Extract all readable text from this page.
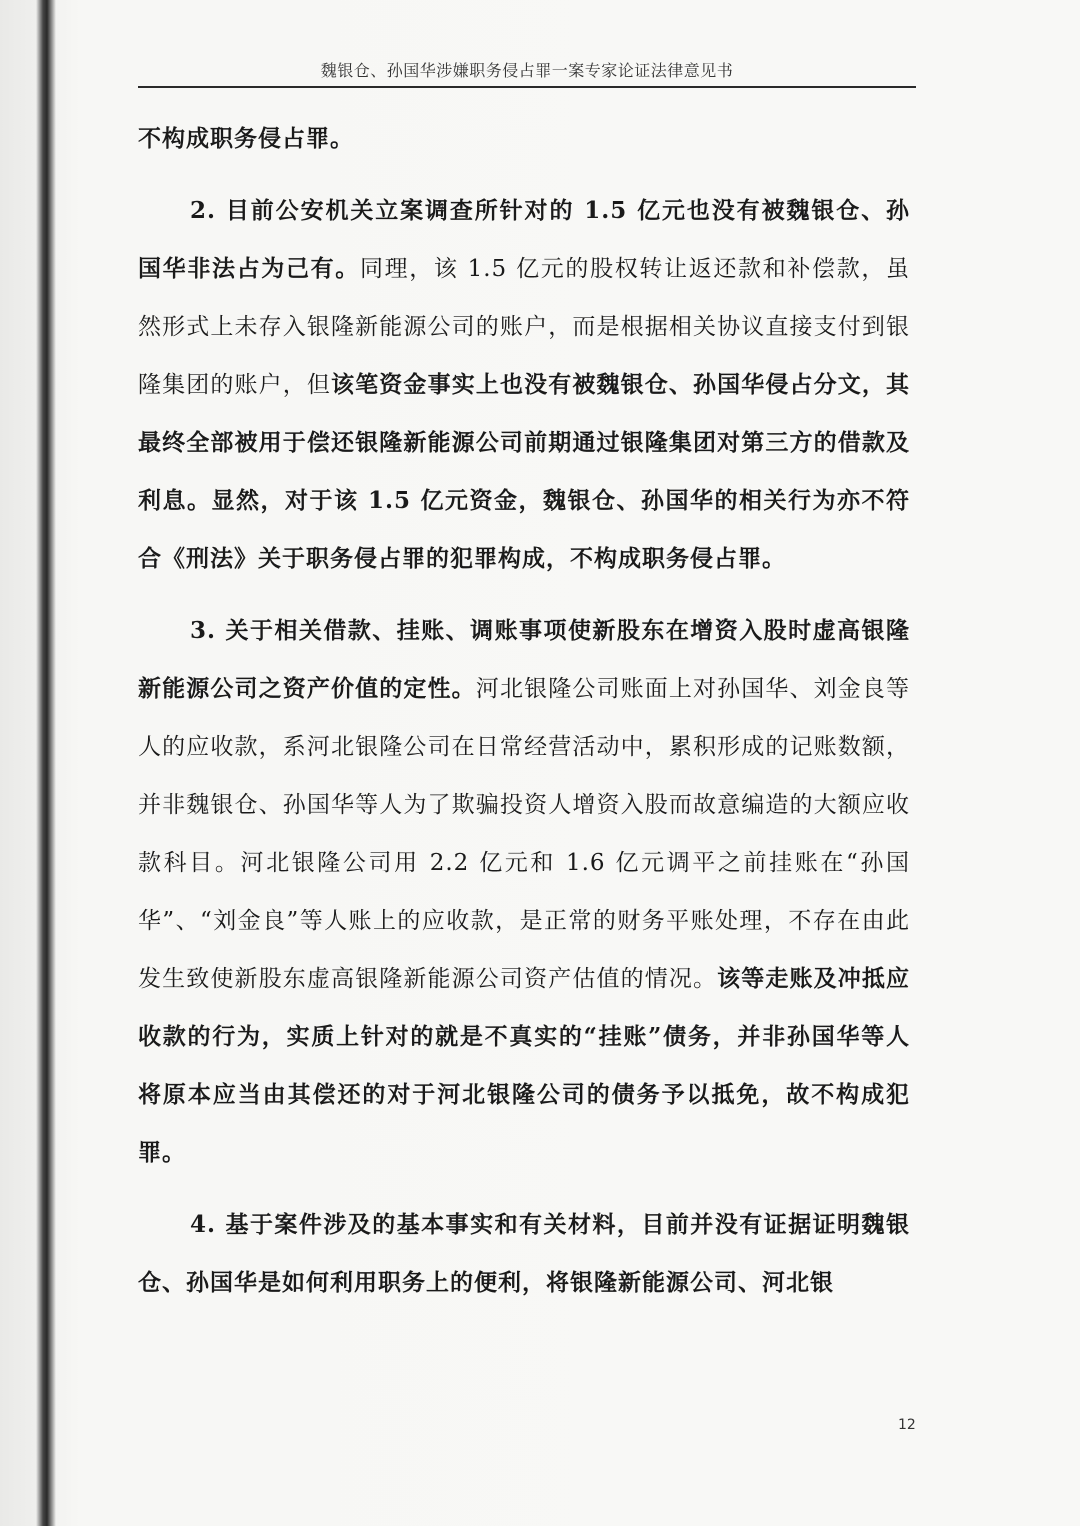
魏银仓、孙国华涉嫌职务侵占罪一案专家论证法律意见书

不构成职务侵占罪。

2. 目前公安机关立案调查所针对的 1.5 亿元也没有被魏银仓、孙国华非法占为己有。同理，该 1.5 亿元的股权转让返还款和补偿款，虽然形式上未存入银隆新能源公司的账户，而是根据相关协议直接支付到银隆集团的账户，但该笔资金事实上也没有被魏银仓、孙国华侵占分文，其最终全部被用于偿还银隆新能源公司前期通过银隆集团对第三方的借款及利息。显然，对于该 1.5 亿元资金，魏银仓、孙国华的相关行为亦不符合《刑法》关于职务侵占罪的犯罪构成，不构成职务侵占罪。

3. 关于相关借款、挂账、调账事项使新股东在增资入股时虚高银隆新能源公司之资产价值的定性。河北银隆公司账面上对孙国华、刘金良等人的应收款，系河北银隆公司在日常经营活动中，累积形成的记账数额，并非魏银仓、孙国华等人为了欺骗投资人增资入股而故意编造的大额应收款科目。河北银隆公司用 2.2 亿元和 1.6 亿元调平之前挂账在“孙国华”、“刘金良”等人账上的应收款，是正常的财务平账处理，不存在由此发生致使新股东虚高银隆新能源公司资产估值的情况。该等走账及冲抵应收款的行为，实质上针对的就是不真实的“挂账”债务，并非孙国华等人将原本应当由其偿还的对于河北银隆公司的债务予以抵免，故不构成犯罪。

4. 基于案件涉及的基本事实和有关材料，目前并没有证据证明魏银仓、孙国华是如何利用职务上的便利，将银隆新能源公司、河北银

12
